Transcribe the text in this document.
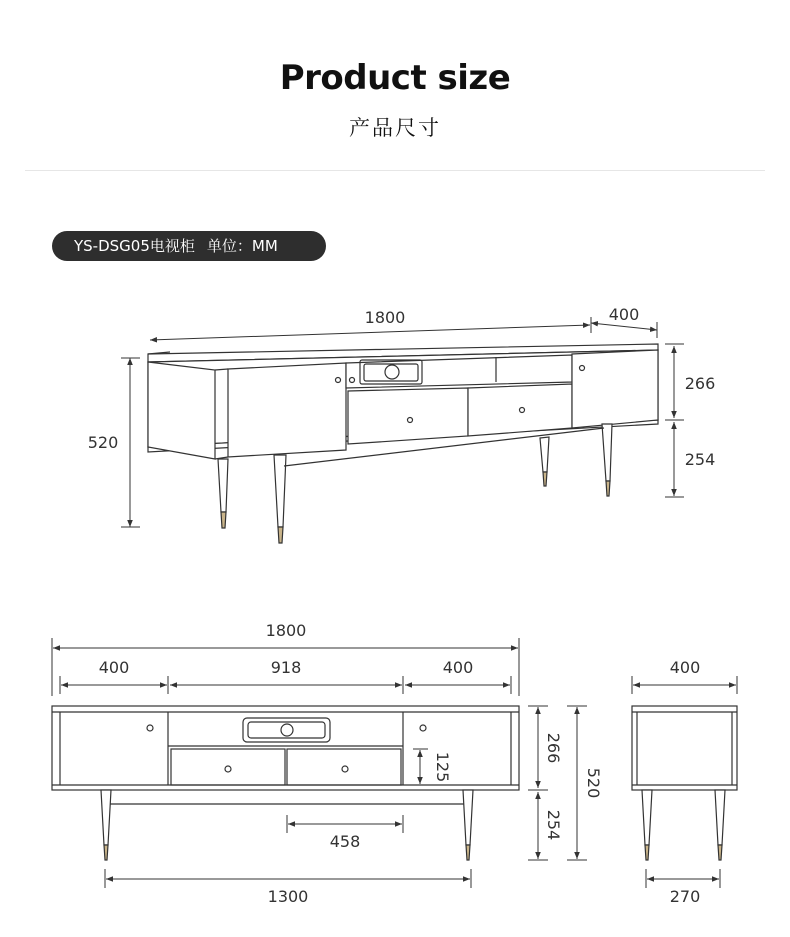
Product size
产品尺寸
YS-DSG05电视柜 单位：MM
1800	400
520
266
254
1800
400	918	400
458
1300
266
254
520
125
400
270
